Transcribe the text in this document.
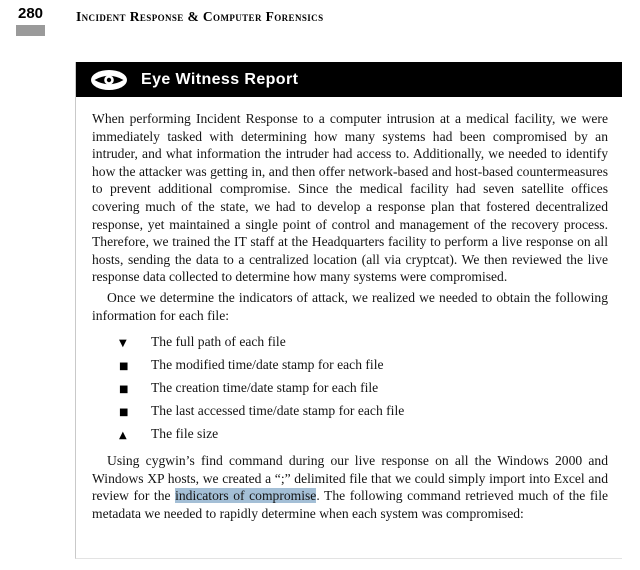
280 Incident Response & Computer Forensics
Eye Witness Report

When performing Incident Response to a computer intrusion at a medical facility, we were immediately tasked with determining how many systems had been compromised by an intruder, and what information the intruder had access to. Additionally, we needed to identify how the attacker was getting in, and then offer network-based and host-based countermeasures to prevent additional compromise. Since the medical facility had seven satellite offices covering much of the state, we had to develop a response plan that fostered decentralized response, yet maintained a single point of control and management of the recovery process. Therefore, we trained the IT staff at the Headquarters facility to perform a live response on all hosts, sending the data to a centralized location (all via cryptcat). We then reviewed the live response data collected to determine how many systems were compromised.

Once we determine the indicators of attack, we realized we needed to obtain the following information for each file:

▼	The full path of each file
■	The modified time/date stamp for each file
■	The creation time/date stamp for each file
■	The last accessed time/date stamp for each file
▲	The file size

Using cygwin’s find command during our live response on all the Windows 2000 and Windows XP hosts, we created a “;” delimited file that we could simply import into Excel and review for the indicators of compromise. The following command retrieved much of the file metadata we needed to rapidly determine when each system was compromised:
